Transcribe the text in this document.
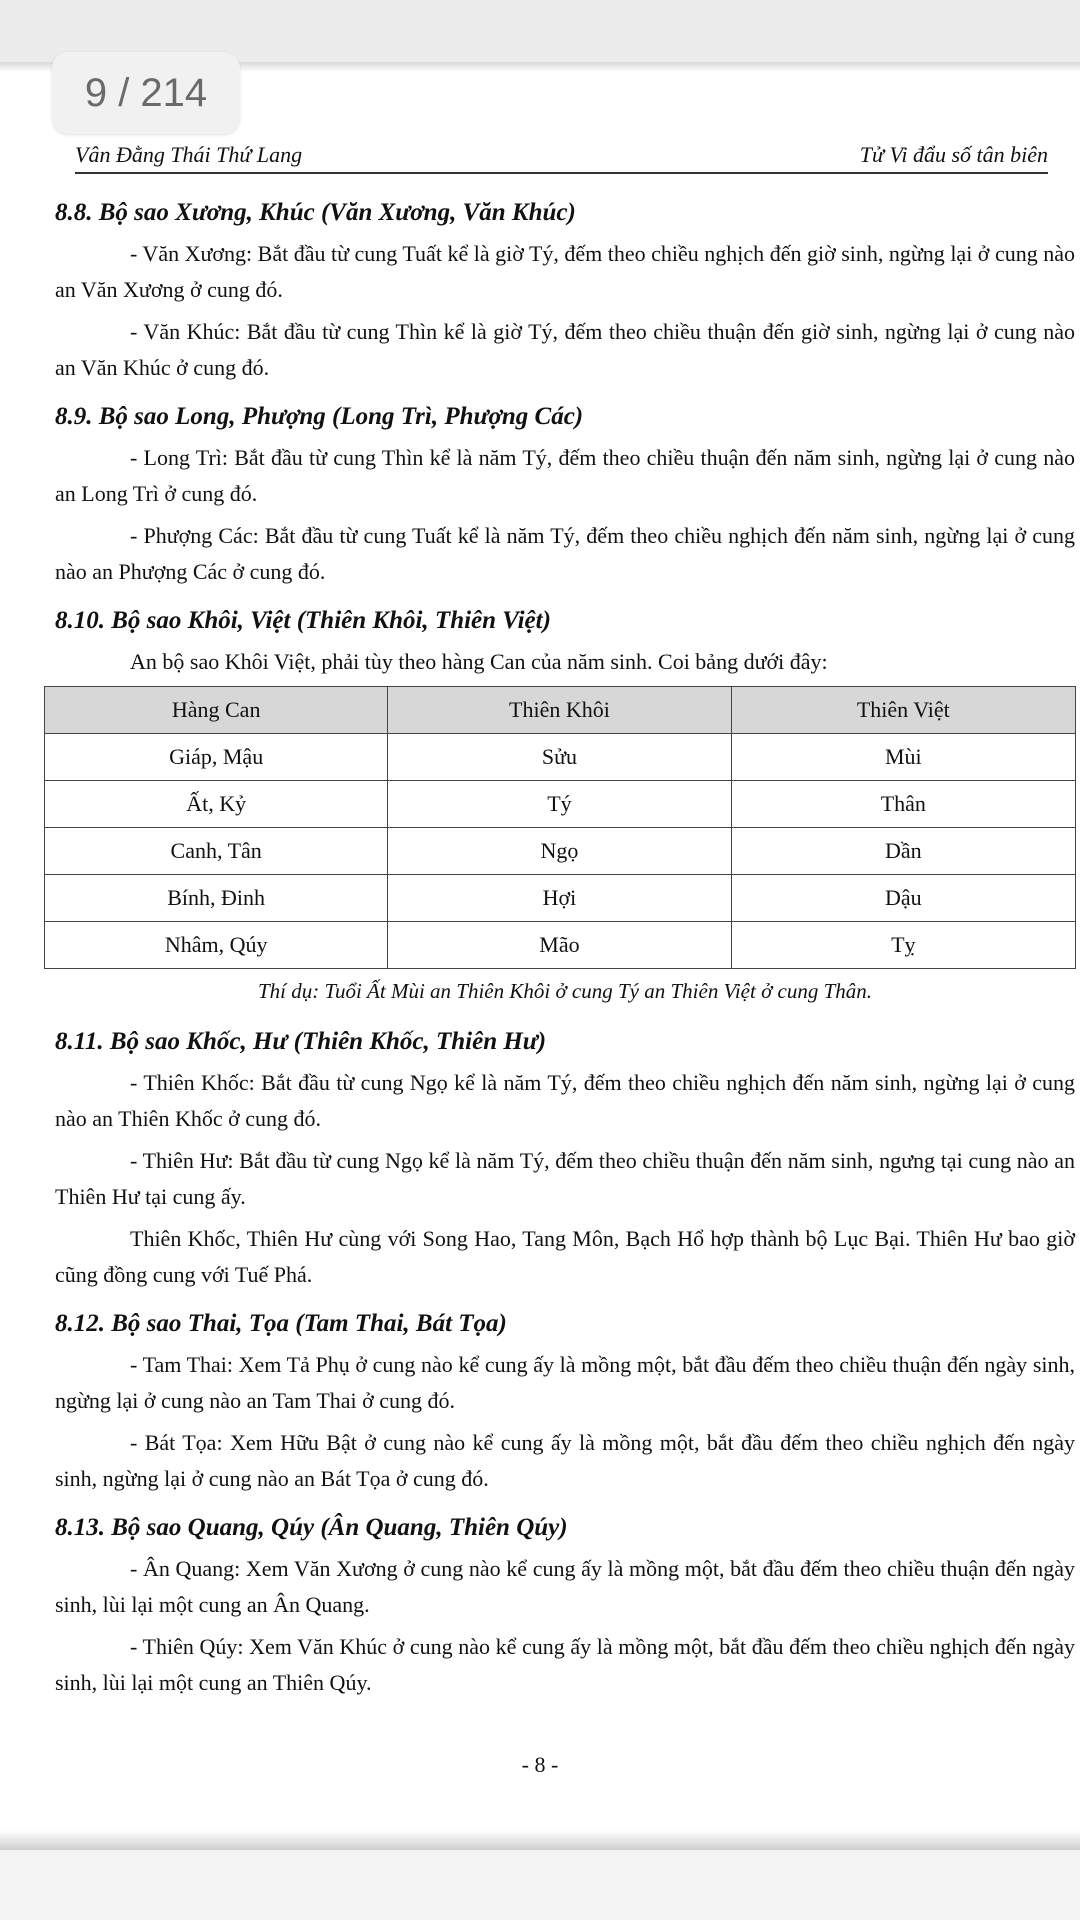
9 / 214
Vân Đằng Thái Thứ Lang	Tử Vi đẩu số tân biên
8.8. Bộ sao Xương, Khúc (Văn Xương, Văn Khúc)

- Văn Xương: Bắt đầu từ cung Tuất kể là giờ Tý, đếm theo chiều nghịch đến giờ sinh, ngừng lại ở cung nào an Văn Xương ở cung đó.

- Văn Khúc: Bắt đầu từ cung Thìn kể là giờ Tý, đếm theo chiều thuận đến giờ sinh, ngừng lại ở cung nào an Văn Khúc ở cung đó.

8.9. Bộ sao Long, Phượng (Long Trì, Phượng Các)

- Long Trì: Bắt đầu từ cung Thìn kể là năm Tý, đếm theo chiều thuận đến năm sinh, ngừng lại ở cung nào an Long Trì ở cung đó.

- Phượng Các: Bắt đầu từ cung Tuất kể là năm Tý, đếm theo chiều nghịch đến năm sinh, ngừng lại ở cung nào an Phượng Các ở cung đó.

8.10. Bộ sao Khôi, Việt (Thiên Khôi, Thiên Việt)

An bộ sao Khôi Việt, phải tùy theo hàng Can của năm sinh. Coi bảng dưới đây:

Hàng Can	Thiên Khôi	Thiên Việt
Giáp, Mậu	Sửu	Mùi
Ất, Kỷ	Tý	Thân
Canh, Tân	Ngọ	Dần
Bính, Đinh	Hợi	Dậu
Nhâm, Qúy	Mão	Tỵ
Thí dụ: Tuổi Ất Mùi an Thiên Khôi ở cung Tý an Thiên Việt ở cung Thân.
8.11. Bộ sao Khốc, Hư (Thiên Khốc, Thiên Hư)

- Thiên Khốc: Bắt đầu từ cung Ngọ kể là năm Tý, đếm theo chiều nghịch đến năm sinh, ngừng lại ở cung nào an Thiên Khốc ở cung đó.

- Thiên Hư: Bắt đầu từ cung Ngọ kể là năm Tý, đếm theo chiều thuận đến năm sinh, ngưng tại cung nào an Thiên Hư tại cung ấy.

Thiên Khốc, Thiên Hư cùng với Song Hao, Tang Môn, Bạch Hổ hợp thành bộ Lục Bại. Thiên Hư bao giờ cũng đồng cung với Tuế Phá.

8.12. Bộ sao Thai, Tọa (Tam Thai, Bát Tọa)

- Tam Thai: Xem Tả Phụ ở cung nào kể cung ấy là mồng một, bắt đầu đếm theo chiều thuận đến ngày sinh, ngừng lại ở cung nào an Tam Thai ở cung đó.

- Bát Tọa: Xem Hữu Bật ở cung nào kể cung ấy là mồng một, bắt đầu đếm theo chiều nghịch đến ngày sinh, ngừng lại ở cung nào an Bát Tọa ở cung đó.

8.13. Bộ sao Quang, Qúy (Ân Quang, Thiên Qúy)

- Ân Quang: Xem Văn Xương ở cung nào kể cung ấy là mồng một, bắt đầu đếm theo chiều thuận đến ngày sinh, lùi lại một cung an Ân Quang.

- Thiên Qúy: Xem Văn Khúc ở cung nào kể cung ấy là mồng một, bắt đầu đếm theo chiều nghịch đến ngày sinh, lùi lại một cung an Thiên Qúy.

- 8 -
